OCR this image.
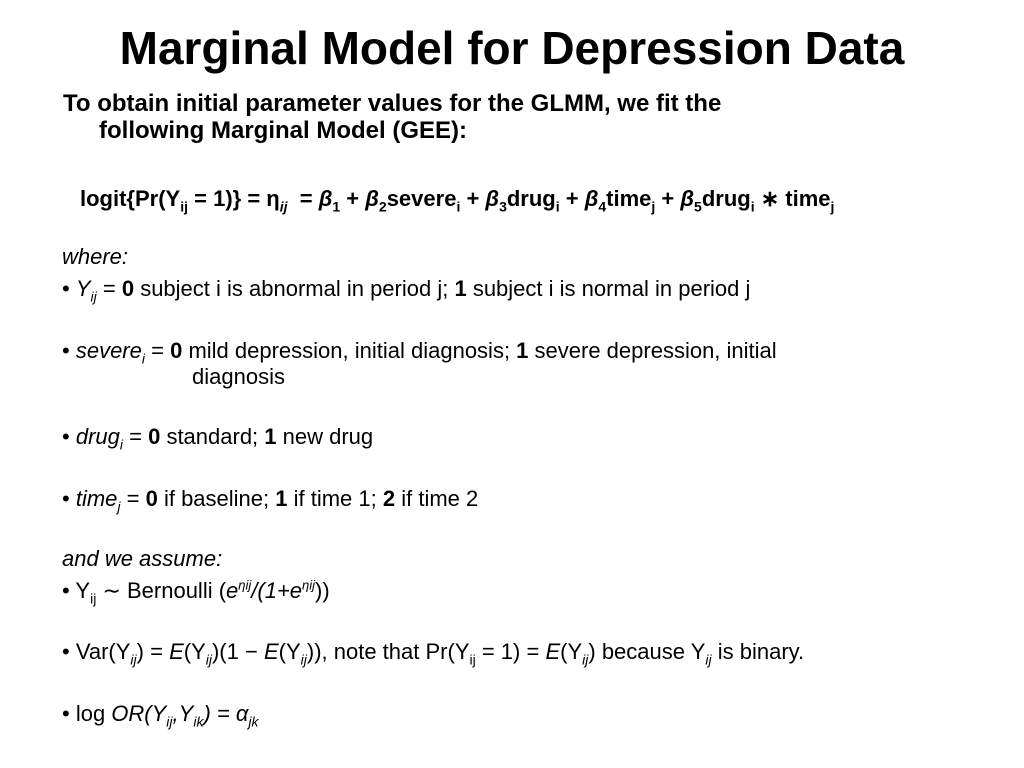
Marginal Model for Depression Data
To obtain initial parameter values for the GLMM, we fit the
following Marginal Model (GEE):
$logit\{Pr(Y_{ij} = 1)\} = \eta_{ij} = \beta_1$ + $\beta_2severe_i$ + $\beta_3drug_i$ + $\beta_4time_j$ + $\beta_5drug_i$ ∗ time$_j$
where:
• $Y_{ij} = 0$ subject i is abnormal in period j; 1 subject i is normal in period j
• severe$_i$ = 0 mild depression, initial diagnosis; 1 severe depression, initial
diagnosis
• drug$_i$ = 0 standard; 1 new drug
• time$_j$ = 0 if baseline; 1 if time 1; 2 if time 2
and we assume:
• $Y_{ij}$ ∼ Bernoulli $(e^{\eta ij}/(1+e^{\eta ij}))$
• $Var(Y_{ij}) = E(Y_{ij})(1 - E(Y_{ij}))$, note that $Pr(Y_{ij} = 1) = E(Y_{ij})$ because $Y_{ij}$ is binary.
• $\log OR(Y_{ij},Y_{ik}) = \alpha_{jk}$
